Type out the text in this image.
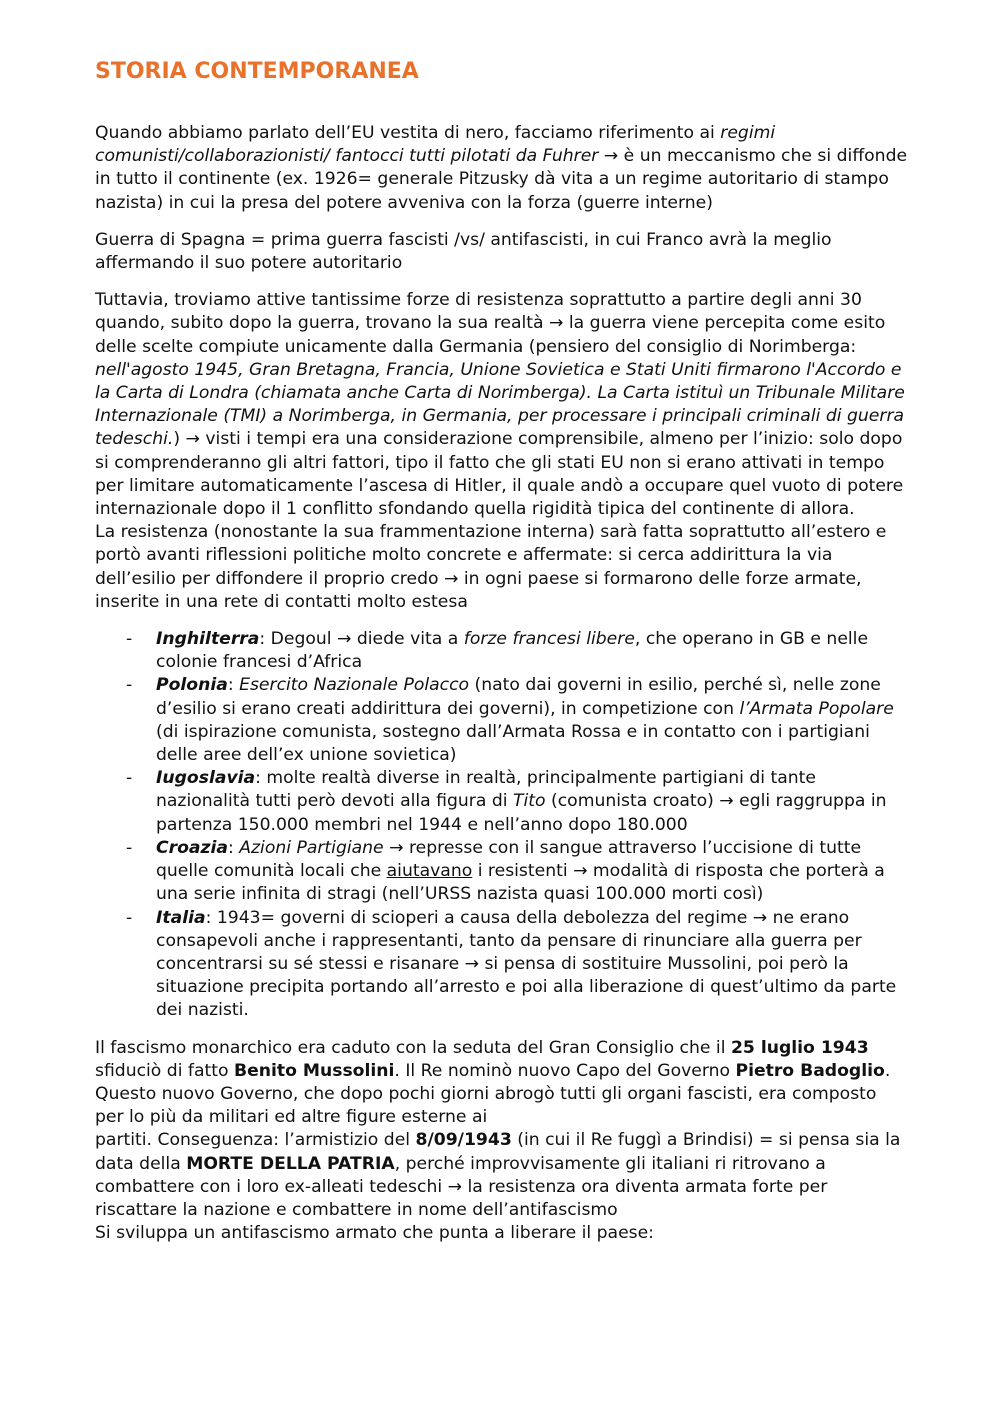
STORIA CONTEMPORANEA

Quando abbiamo parlato dell’EU vestita di nero, facciamo riferimento ai regimi comunisti/collaborazionisti/ fantocci tutti pilotati da Fuhrer → è un meccanismo che si diffonde in tutto il continente (ex. 1926= generale Pitzusky dà vita a un regime autoritario di stampo nazista) in cui la presa del potere avveniva con la forza (guerre interne)

Guerra di Spagna = prima guerra fascisti /vs/ antifascisti, in cui Franco avrà la meglio affermando il suo potere autoritario

Tuttavia, troviamo attive tantissime forze di resistenza soprattutto a partire degli anni 30 quando, subito dopo la guerra, trovano la sua realtà → la guerra viene percepita come esito delle scelte compiute unicamente dalla Germania (pensiero del consiglio di Norimberga: nell'agosto 1945, Gran Bretagna, Francia, Unione Sovietica e Stati Uniti firmarono l'Accordo e la Carta di Londra (chiamata anche Carta di Norimberga). La Carta istituì un Tribunale Militare Internazionale (TMI) a Norimberga, in Germania, per processare i principali criminali di guerra tedeschi.) → visti i tempi era una considerazione comprensibile, almeno per l’inizio: solo dopo si comprenderanno gli altri fattori, tipo il fatto che gli stati EU non si erano attivati in tempo per limitare automaticamente l’ascesa di Hitler, il quale andò a occupare quel vuoto di potere internazionale dopo il 1 conflitto sfondando quella rigidità tipica del continente di allora.

La resistenza (nonostante la sua frammentazione interna) sarà fatta soprattutto all’estero e portò avanti riflessioni politiche molto concrete e affermate: si cerca addirittura la via dell’esilio per diffondere il proprio credo → in ogni paese si formarono delle forze armate, inserite in una rete di contatti molto estesa

- Inghilterra: Degoul → diede vita a forze francesi libere, che operano in GB e nelle colonie francesi d’Africa
- Polonia: Esercito Nazionale Polacco (nato dai governi in esilio, perché sì, nelle zone d’esilio si erano creati addirittura dei governi), in competizione con l’Armata Popolare (di ispirazione comunista, sostegno dall’Armata Rossa e in contatto con i partigiani delle aree dell’ex unione sovietica)
- Iugoslavia: molte realtà diverse in realtà, principalmente partigiani di tante nazionalità tutti però devoti alla figura di Tito (comunista croato) → egli raggruppa in partenza 150.000 membri nel 1944 e nell’anno dopo 180.000
- Croazia: Azioni Partigiane → represse con il sangue attraverso l’uccisione di tutte quelle comunità locali che aiutavano i resistenti → modalità di risposta che porterà a una serie infinita di stragi (nell’URSS nazista quasi 100.000 morti così)
- Italia: 1943= governi di scioperi a causa della debolezza del regime → ne erano consapevoli anche i rappresentanti, tanto da pensare di rinunciare alla guerra per concentrarsi su sé stessi e risanare → si pensa di sostituire Mussolini, poi però la situazione precipita portando all’arresto e poi alla liberazione di quest’ultimo da parte dei nazisti.

Il fascismo monarchico era caduto con la seduta del Gran Consiglio che il 25 luglio 1943 sfiduciò di fatto Benito Mussolini. Il Re nominò nuovo Capo del Governo Pietro Badoglio. Questo nuovo Governo, che dopo pochi giorni abrogò tutti gli organi fascisti, era composto per lo più da militari ed altre figure esterne ai
partiti. Conseguenza: l’armistizio del 8/09/1943 (in cui il Re fuggì a Brindisi) = si pensa sia la data della MORTE DELLA PATRIA, perché improvvisamente gli italiani ri ritrovano a combattere con i loro ex-alleati tedeschi → la resistenza ora diventa armata forte per riscattare la nazione e combattere in nome dell’antifascismo
Si sviluppa un antifascismo armato che punta a liberare il paese:
